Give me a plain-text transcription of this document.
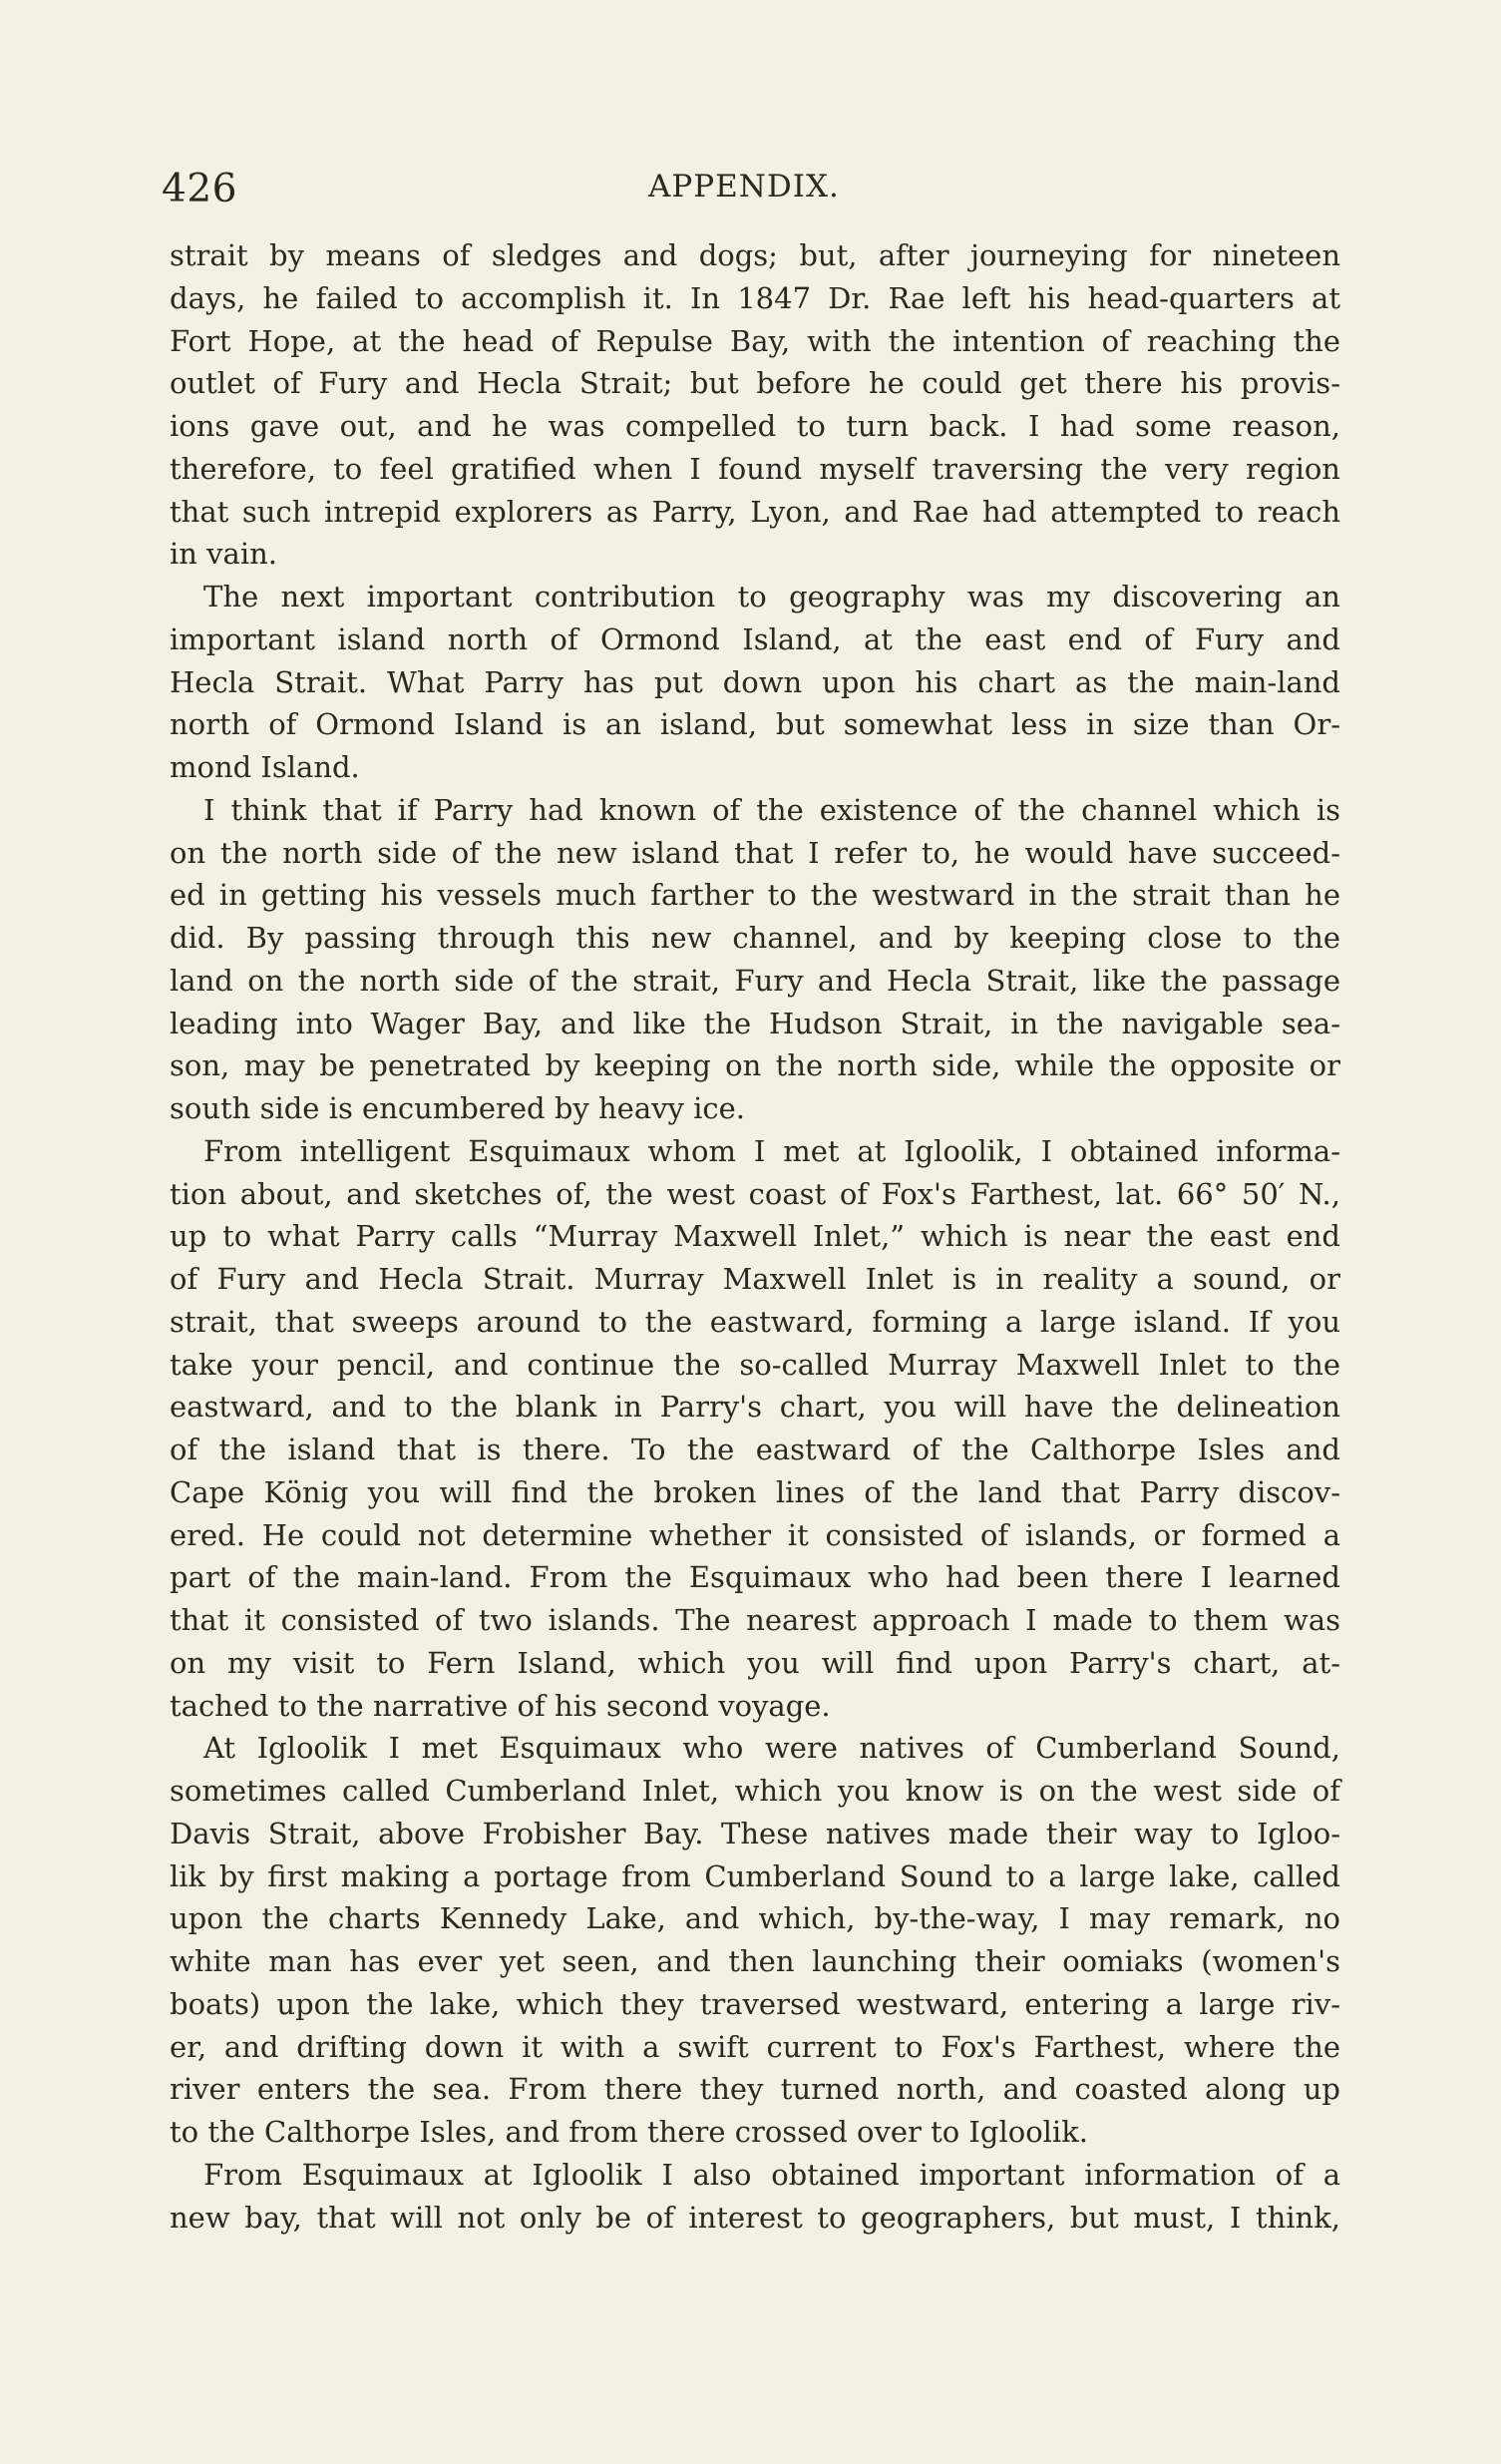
426	APPENDIX.
strait by means of sledges and dogs; but, after journeying for nineteen
days, he failed to accomplish it. In 1847 Dr. Rae left his head-quarters at
Fort Hope, at the head of Repulse Bay, with the intention of reaching the
outlet of Fury and Hecla Strait; but before he could get there his provis-
ions gave out, and he was compelled to turn back. I had some reason,
therefore, to feel gratified when I found myself traversing the very region
that such intrepid explorers as Parry, Lyon, and Rae had attempted to reach
in vain.
The next important contribution to geography was my discovering an
important island north of Ormond Island, at the east end of Fury and
Hecla Strait. What Parry has put down upon his chart as the main-land
north of Ormond Island is an island, but somewhat less in size than Or-
mond Island.
I think that if Parry had known of the existence of the channel which is
on the north side of the new island that I refer to, he would have succeed-
ed in getting his vessels much farther to the westward in the strait than he
did. By passing through this new channel, and by keeping close to the
land on the north side of the strait, Fury and Hecla Strait, like the passage
leading into Wager Bay, and like the Hudson Strait, in the navigable sea-
son, may be penetrated by keeping on the north side, while the opposite or
south side is encumbered by heavy ice.
From intelligent Esquimaux whom I met at Igloolik, I obtained informa-
tion about, and sketches of, the west coast of Fox's Farthest, lat. 66° 50′ N.,
up to what Parry calls “Murray Maxwell Inlet,” which is near the east end
of Fury and Hecla Strait. Murray Maxwell Inlet is in reality a sound, or
strait, that sweeps around to the eastward, forming a large island. If you
take your pencil, and continue the so-called Murray Maxwell Inlet to the
eastward, and to the blank in Parry's chart, you will have the delineation
of the island that is there. To the eastward of the Calthorpe Isles and
Cape König you will find the broken lines of the land that Parry discov-
ered. He could not determine whether it consisted of islands, or formed a
part of the main-land. From the Esquimaux who had been there I learned
that it consisted of two islands. The nearest approach I made to them was
on my visit to Fern Island, which you will find upon Parry's chart, at-
tached to the narrative of his second voyage.
At Igloolik I met Esquimaux who were natives of Cumberland Sound,
sometimes called Cumberland Inlet, which you know is on the west side of
Davis Strait, above Frobisher Bay. These natives made their way to Igloo-
lik by first making a portage from Cumberland Sound to a large lake, called
upon the charts Kennedy Lake, and which, by-the-way, I may remark, no
white man has ever yet seen, and then launching their oomiaks (women's
boats) upon the lake, which they traversed westward, entering a large riv-
er, and drifting down it with a swift current to Fox's Farthest, where the
river enters the sea. From there they turned north, and coasted along up
to the Calthorpe Isles, and from there crossed over to Igloolik.
From Esquimaux at Igloolik I also obtained important information of a
new bay, that will not only be of interest to geographers, but must, I think,
